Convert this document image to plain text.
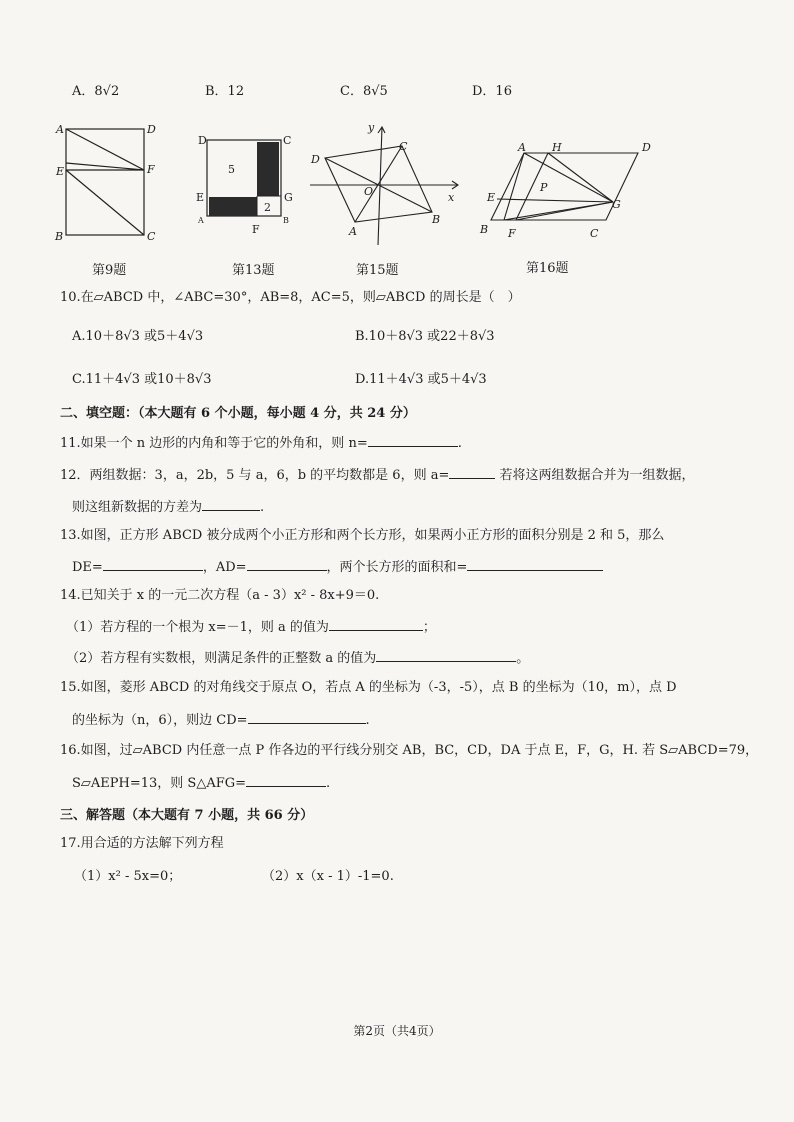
A．8√2	B．12	C．8√5	D．16
A	D
E	F
B	C
D	C
5
E	G
2
A	B
F
y
x
D
C
O
A
B
A H	D
P
E
G
B F	C
第9题	第13题	第15题	第16题
10.在▱ABCD 中，∠ABC=30°，AB=8，AC=5，则▱ABCD 的周长是（　）
A.10＋8√3 或5＋4√3	B.10＋8√3 或22＋8√3
C.11＋4√3 或10＋8√3	D.11＋4√3 或5＋4√3
二、填空题：（本大题有 6 个小题，每小题 4 分，共 24 分）
11.如果一个 n 边形的内角和等于它的外角和，则 n=	.
12．两组数据：3，a，2b，5 与 a，6，b 的平均数都是 6，则 a=	若将这两组数据合并为一组数据，
则这组新数据的方差为	.
13.如图，正方形 ABCD 被分成两个小正方形和两个长方形，如果两小正方形的面积分别是 2 和 5，那么
DE=	，AD=	，两个长方形的面积和=
14.已知关于 x 的一元二次方程（a - 3）x² - 8x+9＝0.
（1）若方程的一个根为 x=－1，则 a 的值为	；
（2）若方程有实数根，则满足条件的正整数 a 的值为	。
15.如图，菱形 ABCD 的对角线交于原点 O，若点 A 的坐标为（-3，-5），点 B 的坐标为（10，m），点 D
的坐标为（n，6），则边 CD=	.
16.如图，过▱ABCD 内任意一点 P 作各边的平行线分别交 AB，BC，CD，DA 于点 E，F，G，H. 若 S▱ABCD=79，
S▱AEPH=13，则 S△AFG=	.
三、解答题（本大题有 7 小题，共 66 分）
17.用合适的方法解下列方程
（1）x² - 5x=0；	（2）x（x - 1）-1=0.
第2页（共4页）
